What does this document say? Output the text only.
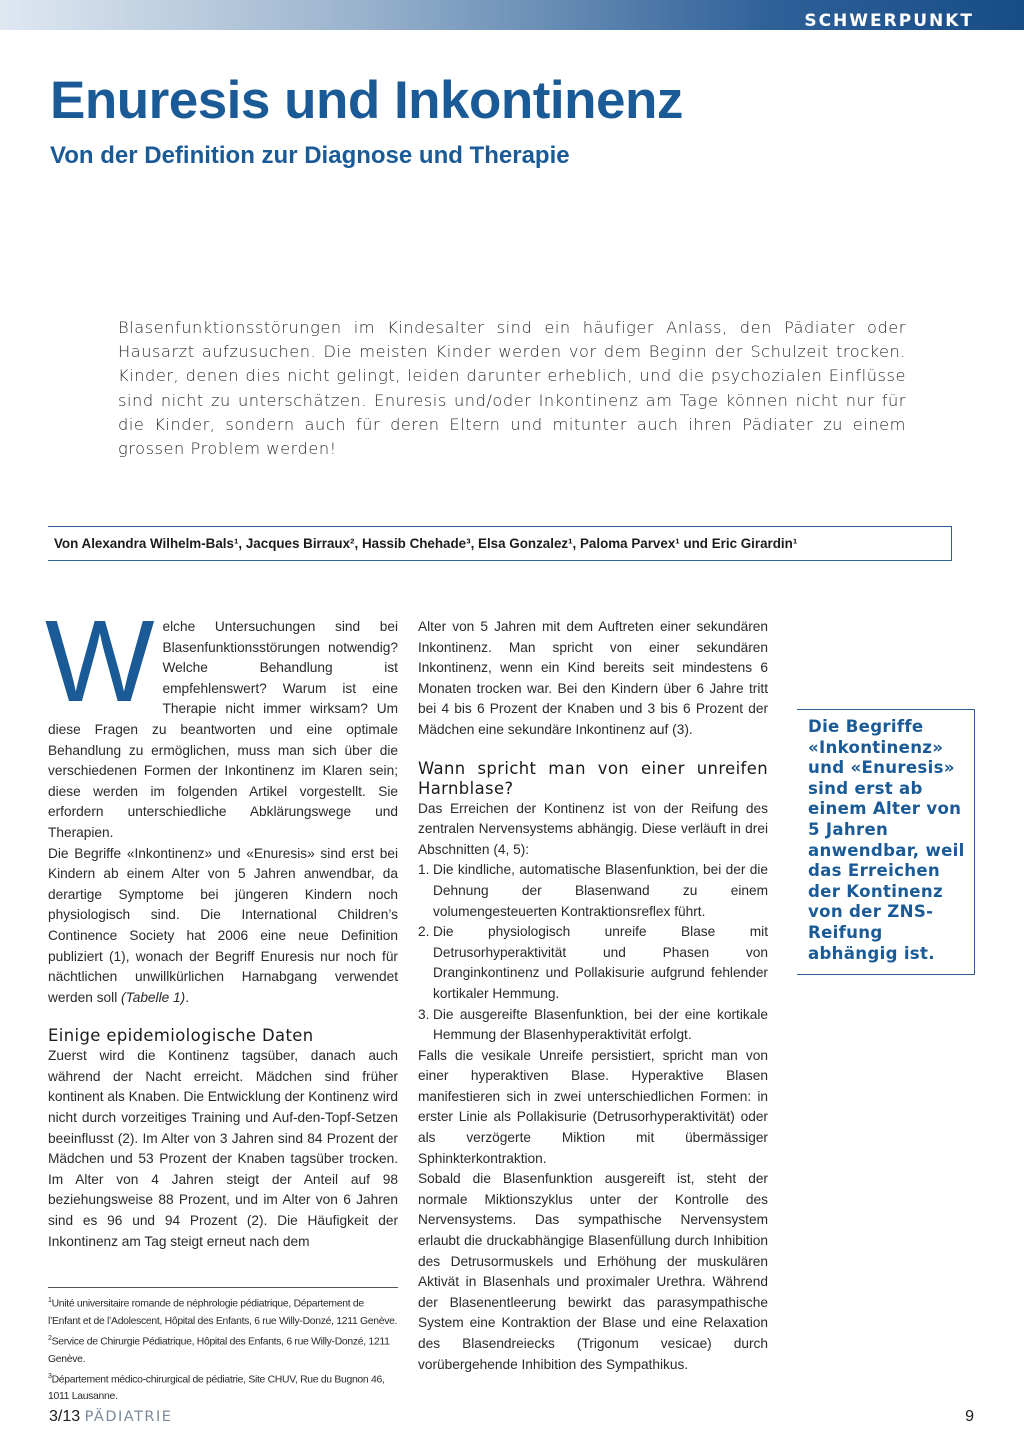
SCHWERPUNKT
Enuresis und Inkontinenz
Von der Definition zur Diagnose und Therapie

Blasenfunktionsstörungen im Kindesalter sind ein häufiger Anlass, den Pädiater oder Hausarzt aufzusuchen. Die meisten Kinder werden vor dem Beginn der Schulzeit trocken. Kinder, denen dies nicht gelingt, leiden darunter erheblich, und die psychozialen Einflüsse sind nicht zu unterschätzen. Enuresis und/oder Inkontinenz am Tage können nicht nur für die Kinder, sondern auch für deren Eltern und mitunter auch ihren Pädiater zu einem grossen Problem werden!

Von Alexandra Wilhelm-Bals¹, Jacques Birraux², Hassib Chehade³, Elsa Gonzalez¹, Paloma Parvex¹ und Eric Girardin¹

Welche Untersuchungen sind bei Blasenfunktionsstörungen notwendig? Welche Behandlung ist empfehlenswert? Warum ist eine Therapie nicht immer wirksam? Um diese Fragen zu beantworten und eine optimale Behandlung zu ermöglichen, muss man sich über die verschiedenen Formen der Inkontinenz im Klaren sein; diese werden im folgenden Artikel vorgestellt. Sie erfordern unterschiedliche Abklärungswege und Therapien.

Die Begriffe «Inkontinenz» und «Enuresis» sind erst bei Kindern ab einem Alter von 5 Jahren anwendbar, da derartige Symptome bei jüngeren Kindern noch physiologisch sind. Die International Children’s Continence Society hat 2006 eine neue Definition publiziert (1), wonach der Begriff Enuresis nur noch für nächtlichen unwillkürlichen Harnabgang verwendet werden soll (Tabelle 1).

Einige epidemiologische Daten

Zuerst wird die Kontinenz tagsüber, danach auch während der Nacht erreicht. Mädchen sind früher kontinent als Knaben. Die Entwicklung der Kontinenz wird nicht durch vorzeitiges Training und Auf-den-Topf-Setzen beeinflusst (2). Im Alter von 3 Jahren sind 84 Prozent der Mädchen und 53 Prozent der Knaben tagsüber trocken. Im Alter von 4 Jahren steigt der Anteil auf 98 beziehungsweise 88 Prozent, und im Alter von 6 Jahren sind es 96 und 94 Prozent (2). Die Häufigkeit der Inkontinenz am Tag steigt erneut nach dem

$^1$Unité universitaire romande de néphrologie pédiatrique, Département de l’Enfant et de l’Adolescent, Hôpital des Enfants, 6 rue Willy-Donzé, 1211 Genève.

$^2$Service de Chirurgie Pédiatrique, Hôpital des Enfants, 6 rue Willy-Donzé, 1211 Genève.

$^3$Département médico-chirurgical de pédiatrie, Site CHUV, Rue du Bugnon 46, 1011 Lausanne.

Alter von 5 Jahren mit dem Auftreten einer sekundären Inkontinenz. Man spricht von einer sekundären Inkontinenz, wenn ein Kind bereits seit mindestens 6 Monaten trocken war. Bei den Kindern über 6 Jahre tritt bei 4 bis 6 Prozent der Knaben und 3 bis 6 Prozent der Mädchen eine sekundäre Inkontinenz auf (3).

Wann spricht man von einer unreifen Harnblase?

Das Erreichen der Kontinenz ist von der Reifung des zentralen Nervensystems abhängig. Diese verläuft in drei Abschnitten (4, 5):

1. Die kindliche, automatische Blasenfunktion, bei der die Dehnung der Blasenwand zu einem volumengesteuerten Kontraktionsreflex führt.
2. Die physiologisch unreife Blase mit Detrusorhyperaktivität und Phasen von Dranginkontinenz und Pollakisurie aufgrund fehlender kortikaler Hemmung.
3. Die ausgereifte Blasenfunktion, bei der eine kortikale Hemmung der Blasenhyperaktivität erfolgt.

Falls die vesikale Unreife persistiert, spricht man von einer hyperaktiven Blase. Hyperaktive Blasen manifestieren sich in zwei unterschiedlichen Formen: in erster Linie als Pollakisurie (Detrusorhyperaktivität) oder als verzögerte Miktion mit übermässiger Sphinkterkontraktion.

Sobald die Blasenfunktion ausgereift ist, steht der normale Miktionszyklus unter der Kontrolle des Nervensystems. Das sympathische Nervensystem erlaubt die druckabhängige Blasenfüllung durch Inhibition des Detrusormuskels und Erhöhung der muskulären Aktivät in Blasenhals und proximaler Urethra. Während der Blasenentleerung bewirkt das parasympathische System eine Kontraktion der Blase und eine Relaxation des Blasendreiecks (Trigonum vesicae) durch vorübergehende Inhibition des Sympathikus.

Die Begriffe «Inkontinenz» und «Enuresis» sind erst ab einem Alter von 5 Jahren anwendbar, weil das Erreichen der Kontinenz von der ZNS-Reifung abhängig ist.
3/13 PÄDIATRIE	9
